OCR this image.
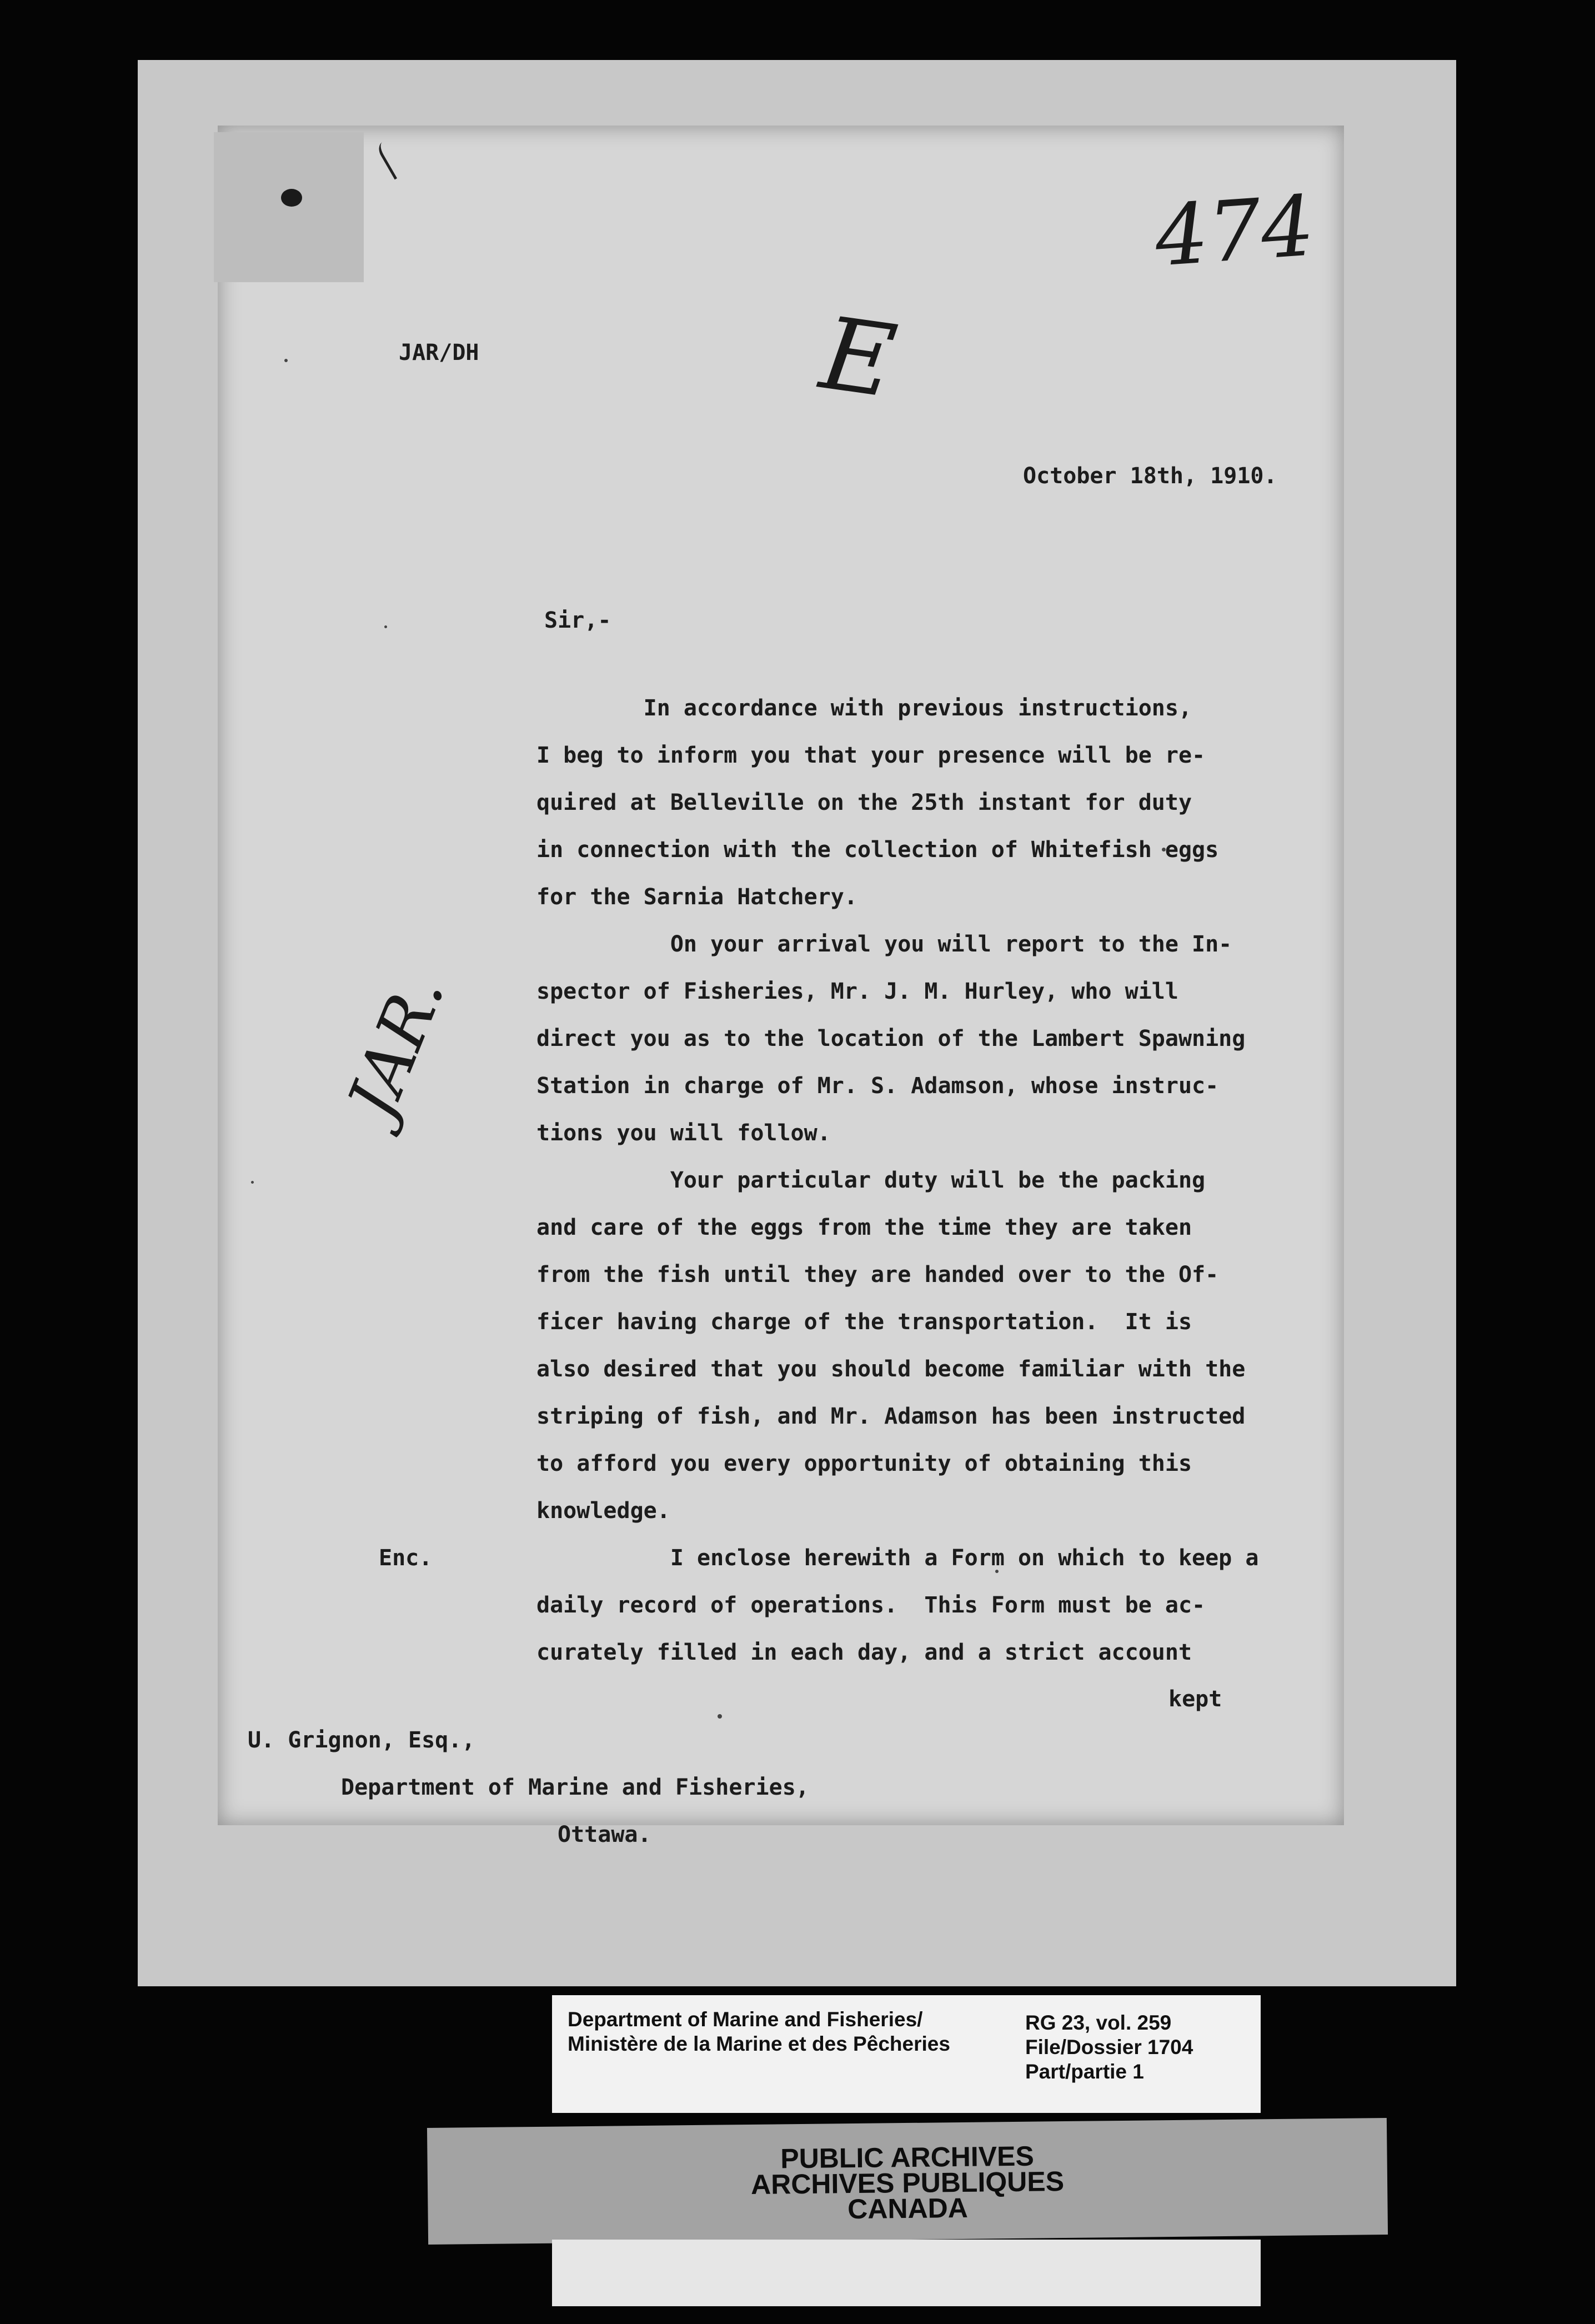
474
E
JAR/DH
October 18th, 1910.
Sir,-
In accordance with previous instructions,
I beg to inform you that your presence will be re-
quired at Belleville on the 25th instant for duty
in connection with the collection of Whitefish eggs
for the Sarnia Hatchery.
On your arrival you will report to the In-
spector of Fisheries, Mr. J. M. Hurley, who will
direct you as to the location of the Lambert Spawning
Station in charge of Mr. S. Adamson, whose instruc-
tions you will follow.
Your particular duty will be the packing
and care of the eggs from the time they are taken
from the fish until they are handed over to the Of-
ficer having charge of the transportation.  It is
also desired that you should become familiar with the
striping of fish, and Mr. Adamson has been instructed
to afford you every opportunity of obtaining this
knowledge.
I enclose herewith a Form on which to keep a
daily record of operations.  This Form must be ac-
curately filled in each day, and a strict account
kept
Enc.
JAR.
U. Grignon, Esq.,
Department of Marine and Fisheries,
Ottawa.
Department of Marine and Fisheries/
Ministère de la Marine et des Pêcheries
RG 23, vol. 259
File/Dossier 1704
Part/partie 1
PUBLIC ARCHIVES
ARCHIVES PUBLIQUES
CANADA
